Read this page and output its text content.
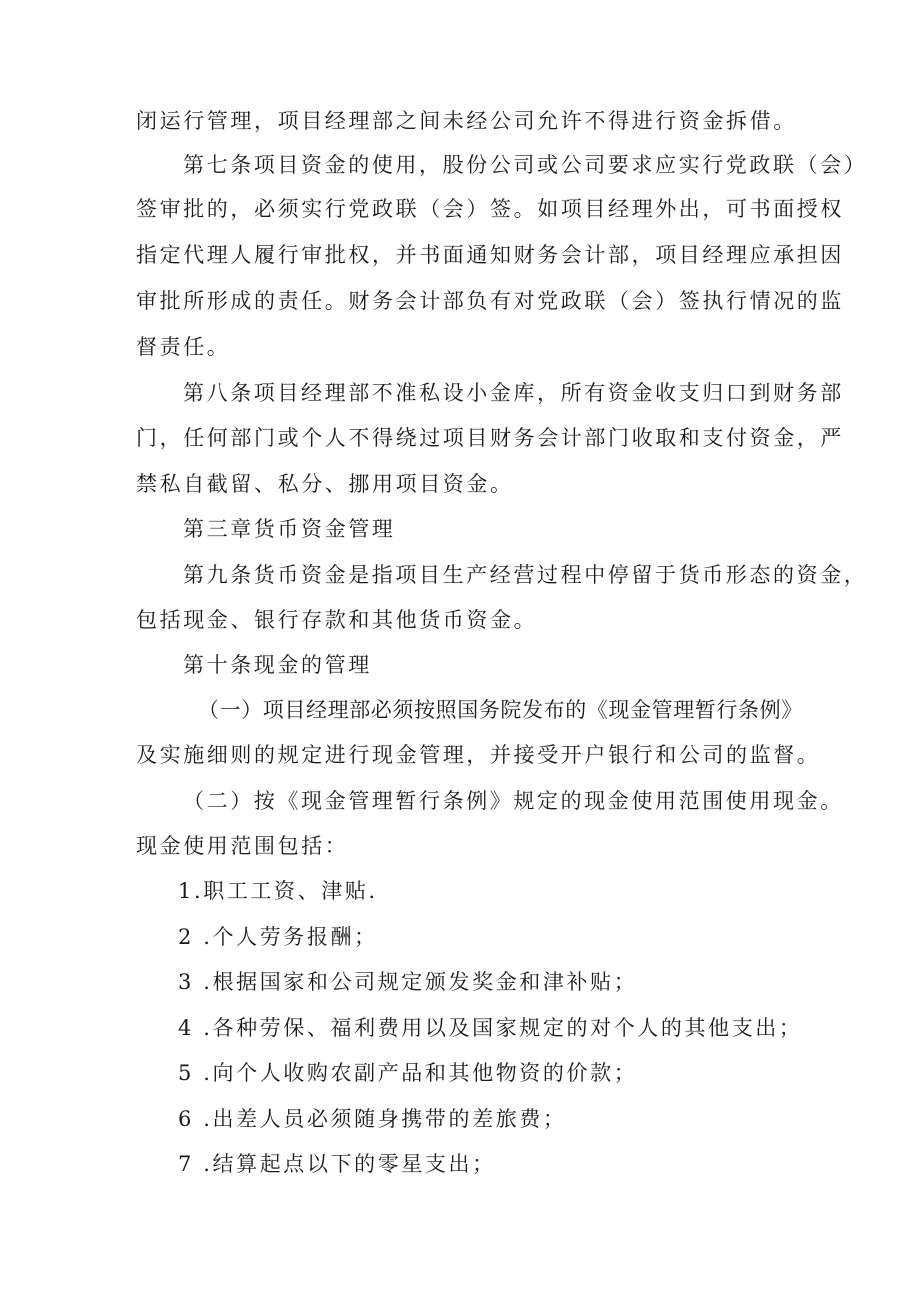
闭运行管理，项目经理部之间未经公司允许不得进行资金拆借。
第七条项目资金的使用，股份公司或公司要求应实行党政联（会）
签审批的，必须实行党政联（会）签。如项目经理外出，可书面授权
指定代理人履行审批权，并书面通知财务会计部，项目经理应承担因
审批所形成的责任。财务会计部负有对党政联（会）签执行情况的监
督责任。
第八条项目经理部不准私设小金库，所有资金收支归口到财务部
门，任何部门或个人不得绕过项目财务会计部门收取和支付资金，严
禁私自截留、私分、挪用项目资金。
第三章货币资金管理
第九条货币资金是指项目生产经营过程中停留于货币形态的资金，
包括现金、银行存款和其他货币资金。
第十条现金的管理
（一）项目经理部必须按照国务院发布的《现金管理暂行条例》
及实施细则的规定进行现金管理，并接受开户银行和公司的监督。
（二）按《现金管理暂行条例》规定的现金使用范围使用现金。
现金使用范围包括：
1.职工工资、津贴.
2 .个人劳务报酬；
3 .根据国家和公司规定颁发奖金和津补贴；
4 .各种劳保、福利费用以及国家规定的对个人的其他支出；
5 .向个人收购农副产品和其他物资的价款；
6 .出差人员必须随身携带的差旅费；
7 .结算起点以下的零星支出；
